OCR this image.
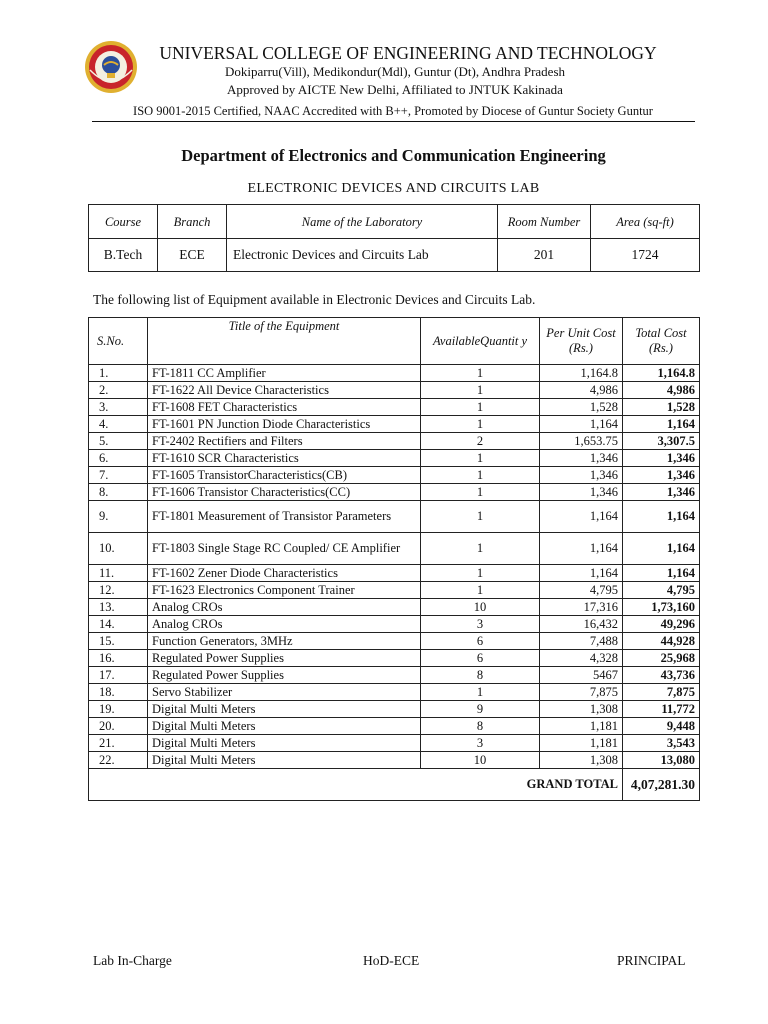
UNIVERSAL COLLEGE OF ENGINEERING AND TECHNOLOGY
Dokiparru(Vill), Medikondur(Mdl), Guntur (Dt), Andhra Pradesh
Approved by AICTE New Delhi, Affiliated to JNTUK Kakinada
ISO 9001-2015 Certified, NAAC Accredited with B++, Promoted by Diocese of Guntur Society Guntur
Department of Electronics and Communication Engineering
ELECTRONIC DEVICES AND CIRCUITS LAB
Course	Branch	Name of the Laboratory	Room Number	Area (sq-ft)
B.Tech	ECE	Electronic Devices and Circuits Lab	201	1724
The following list of Equipment available in Electronic Devices and Circuits Lab.
S.No.	Title of the Equipment	AvailableQuantit y	Per Unit Cost (Rs.)	Total Cost (Rs.)
1.	FT-1811 CC Amplifier	1	1,164.8	1,164.8
2.	FT-1622 All Device Characteristics	1	4,986	4,986
3.	FT-1608 FET Characteristics	1	1,528	1,528
4.	FT-1601 PN Junction Diode Characteristics	1	1,164	1,164
5.	FT-2402 Rectifiers and Filters	2	1,653.75	3,307.5
6.	FT-1610 SCR Characteristics	1	1,346	1,346
7.	FT-1605 TransistorCharacteristics(CB)	1	1,346	1,346
8.	FT-1606 Transistor Characteristics(CC)	1	1,346	1,346
9.	FT-1801 Measurement of Transistor Parameters	1	1,164	1,164
10.	FT-1803 Single Stage RC Coupled/ CE Amplifier	1	1,164	1,164
11.	FT-1602 Zener Diode Characteristics	1	1,164	1,164
12.	FT-1623 Electronics Component Trainer	1	4,795	4,795
13.	Analog CROs	10	17,316	1,73,160
14.	Analog CROs	3	16,432	49,296
15.	Function Generators, 3MHz	6	7,488	44,928
16.	Regulated Power Supplies	6	4,328	25,968
17.	Regulated Power Supplies	8	5467	43,736
18.	Servo Stabilizer	1	7,875	7,875
19.	Digital Multi Meters	9	1,308	11,772
20.	Digital Multi Meters	8	1,181	9,448
21.	Digital Multi Meters	3	1,181	3,543
22.	Digital Multi Meters	10	1,308	13,080
GRAND TOTAL				4,07,281.30
Lab In-Charge	HoD-ECE	PRINCIPAL
